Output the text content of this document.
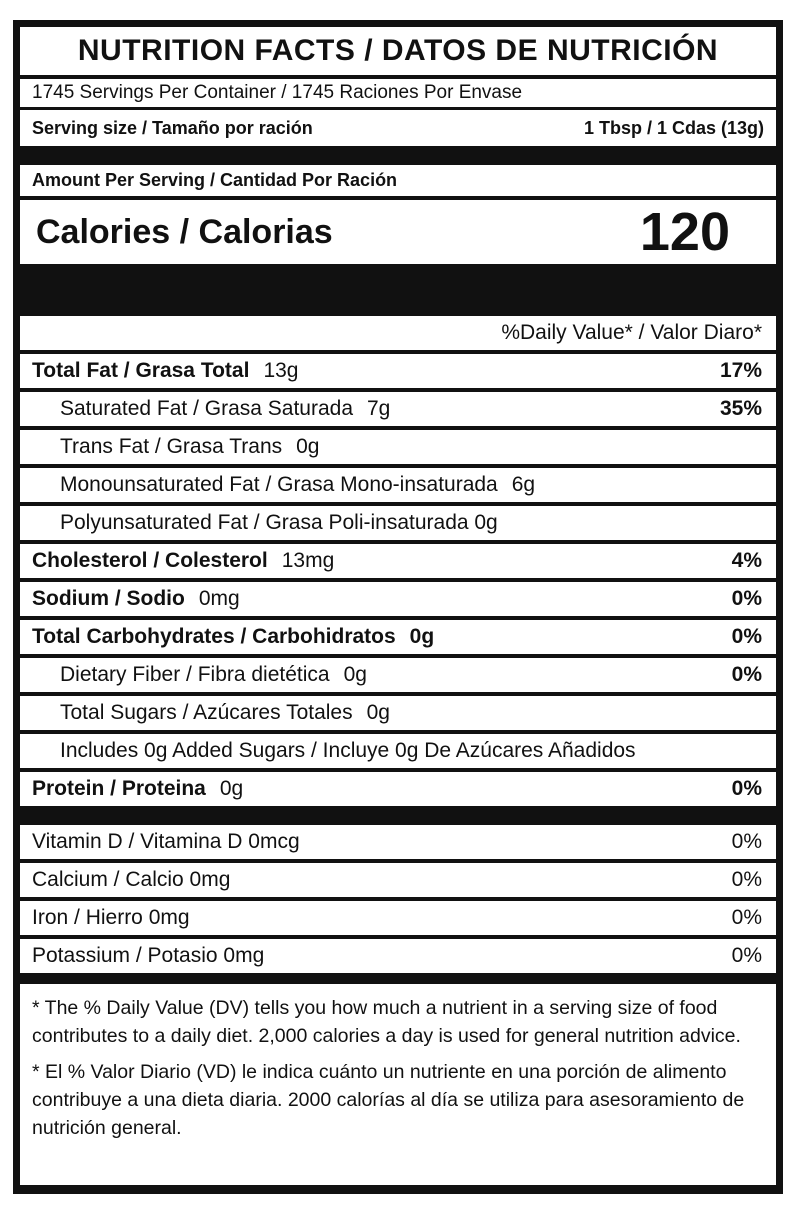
NUTRITION FACTS / DATOS DE NUTRICIÓN
1745 Servings Per Container / 1745 Raciones Por Envase
Serving size / Tamaño por ración	1 Tbsp / 1 Cdas (13g)
Amount Per Serving / Cantidad Por Ración
Calories / Calorias	120
%Daily Value* / Valor Diaro*
Total Fat / Grasa Total 13g	17%
Saturated Fat / Grasa Saturada 7g	35%
Trans Fat / Grasa Trans 0g
Monounsaturated Fat / Grasa Mono-insaturada 6g
Polyunsaturated Fat / Grasa Poli-insaturada 0g
Cholesterol / Colesterol 13mg	4%
Sodium / Sodio 0mg	0%
Total Carbohydrates / Carbohidratos 0g	0%
Dietary Fiber / Fibra dietética 0g	0%
Total Sugars / Azúcares Totales 0g
Includes 0g Added Sugars / Incluye 0g De Azúcares Añadidos
Protein / Proteina 0g	0%
Vitamin D / Vitamina D 0mcg	0%
Calcium / Calcio 0mg	0%
Iron / Hierro 0mg	0%
Potassium / Potasio 0mg	0%

* The % Daily Value (DV) tells you how much a nutrient in a serving size of food contributes to a daily diet. 2,000 calories a day is used for general nutrition advice.

* El % Valor Diario (VD) le indica cuánto un nutriente en una porción de alimento contribuye a una dieta diaria. 2000 calorías al día se utiliza para asesoramiento de nutrición general.
